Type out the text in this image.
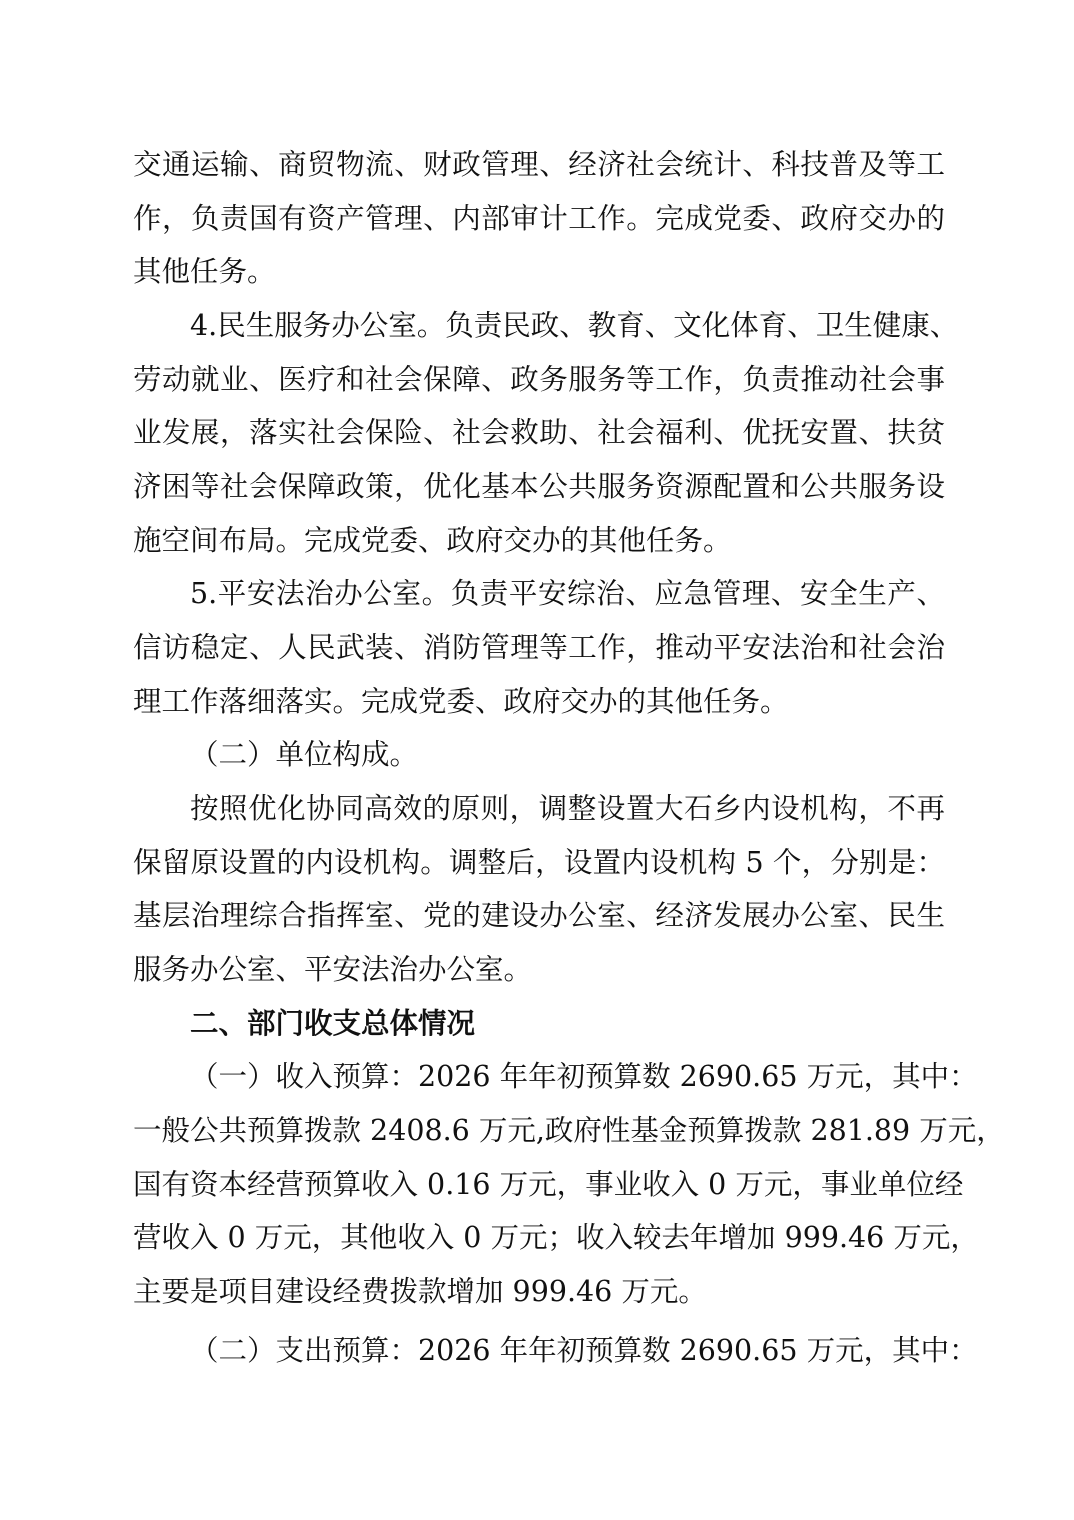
交通运输、商贸物流、财政管理、经济社会统计、科技普及等工
作，负责国有资产管理、内部审计工作。完成党委、政府交办的
其他任务。
4.民生服务办公室。负责民政、教育、文化体育、卫生健康、
劳动就业、医疗和社会保障、政务服务等工作，负责推动社会事
业发展，落实社会保险、社会救助、社会福利、优抚安置、扶贫
济困等社会保障政策，优化基本公共服务资源配置和公共服务设
施空间布局。完成党委、政府交办的其他任务。
5.平安法治办公室。负责平安综治、应急管理、安全生产、
信访稳定、人民武装、消防管理等工作，推动平安法治和社会治
理工作落细落实。完成党委、政府交办的其他任务。
（二）单位构成。
按照优化协同高效的原则，调整设置大石乡内设机构，不再
保留原设置的内设机构。调整后，设置内设机构 5 个，分别是：
基层治理综合指挥室、党的建设办公室、经济发展办公室、民生
服务办公室、平安法治办公室。
二、部门收支总体情况
（一）收入预算：2026 年年初预算数 2690.65 万元，其中：
一般公共预算拨款 2408.6 万元,政府性基金预算拨款 281.89 万元，
国有资本经营预算收入 0.16 万元，事业收入 0 万元，事业单位经
营收入 0 万元，其他收入 0 万元；收入较去年增加 999.46 万元，
主要是项目建设经费拨款增加 999.46 万元。
（二）支出预算：2026 年年初预算数 2690.65 万元，其中：
